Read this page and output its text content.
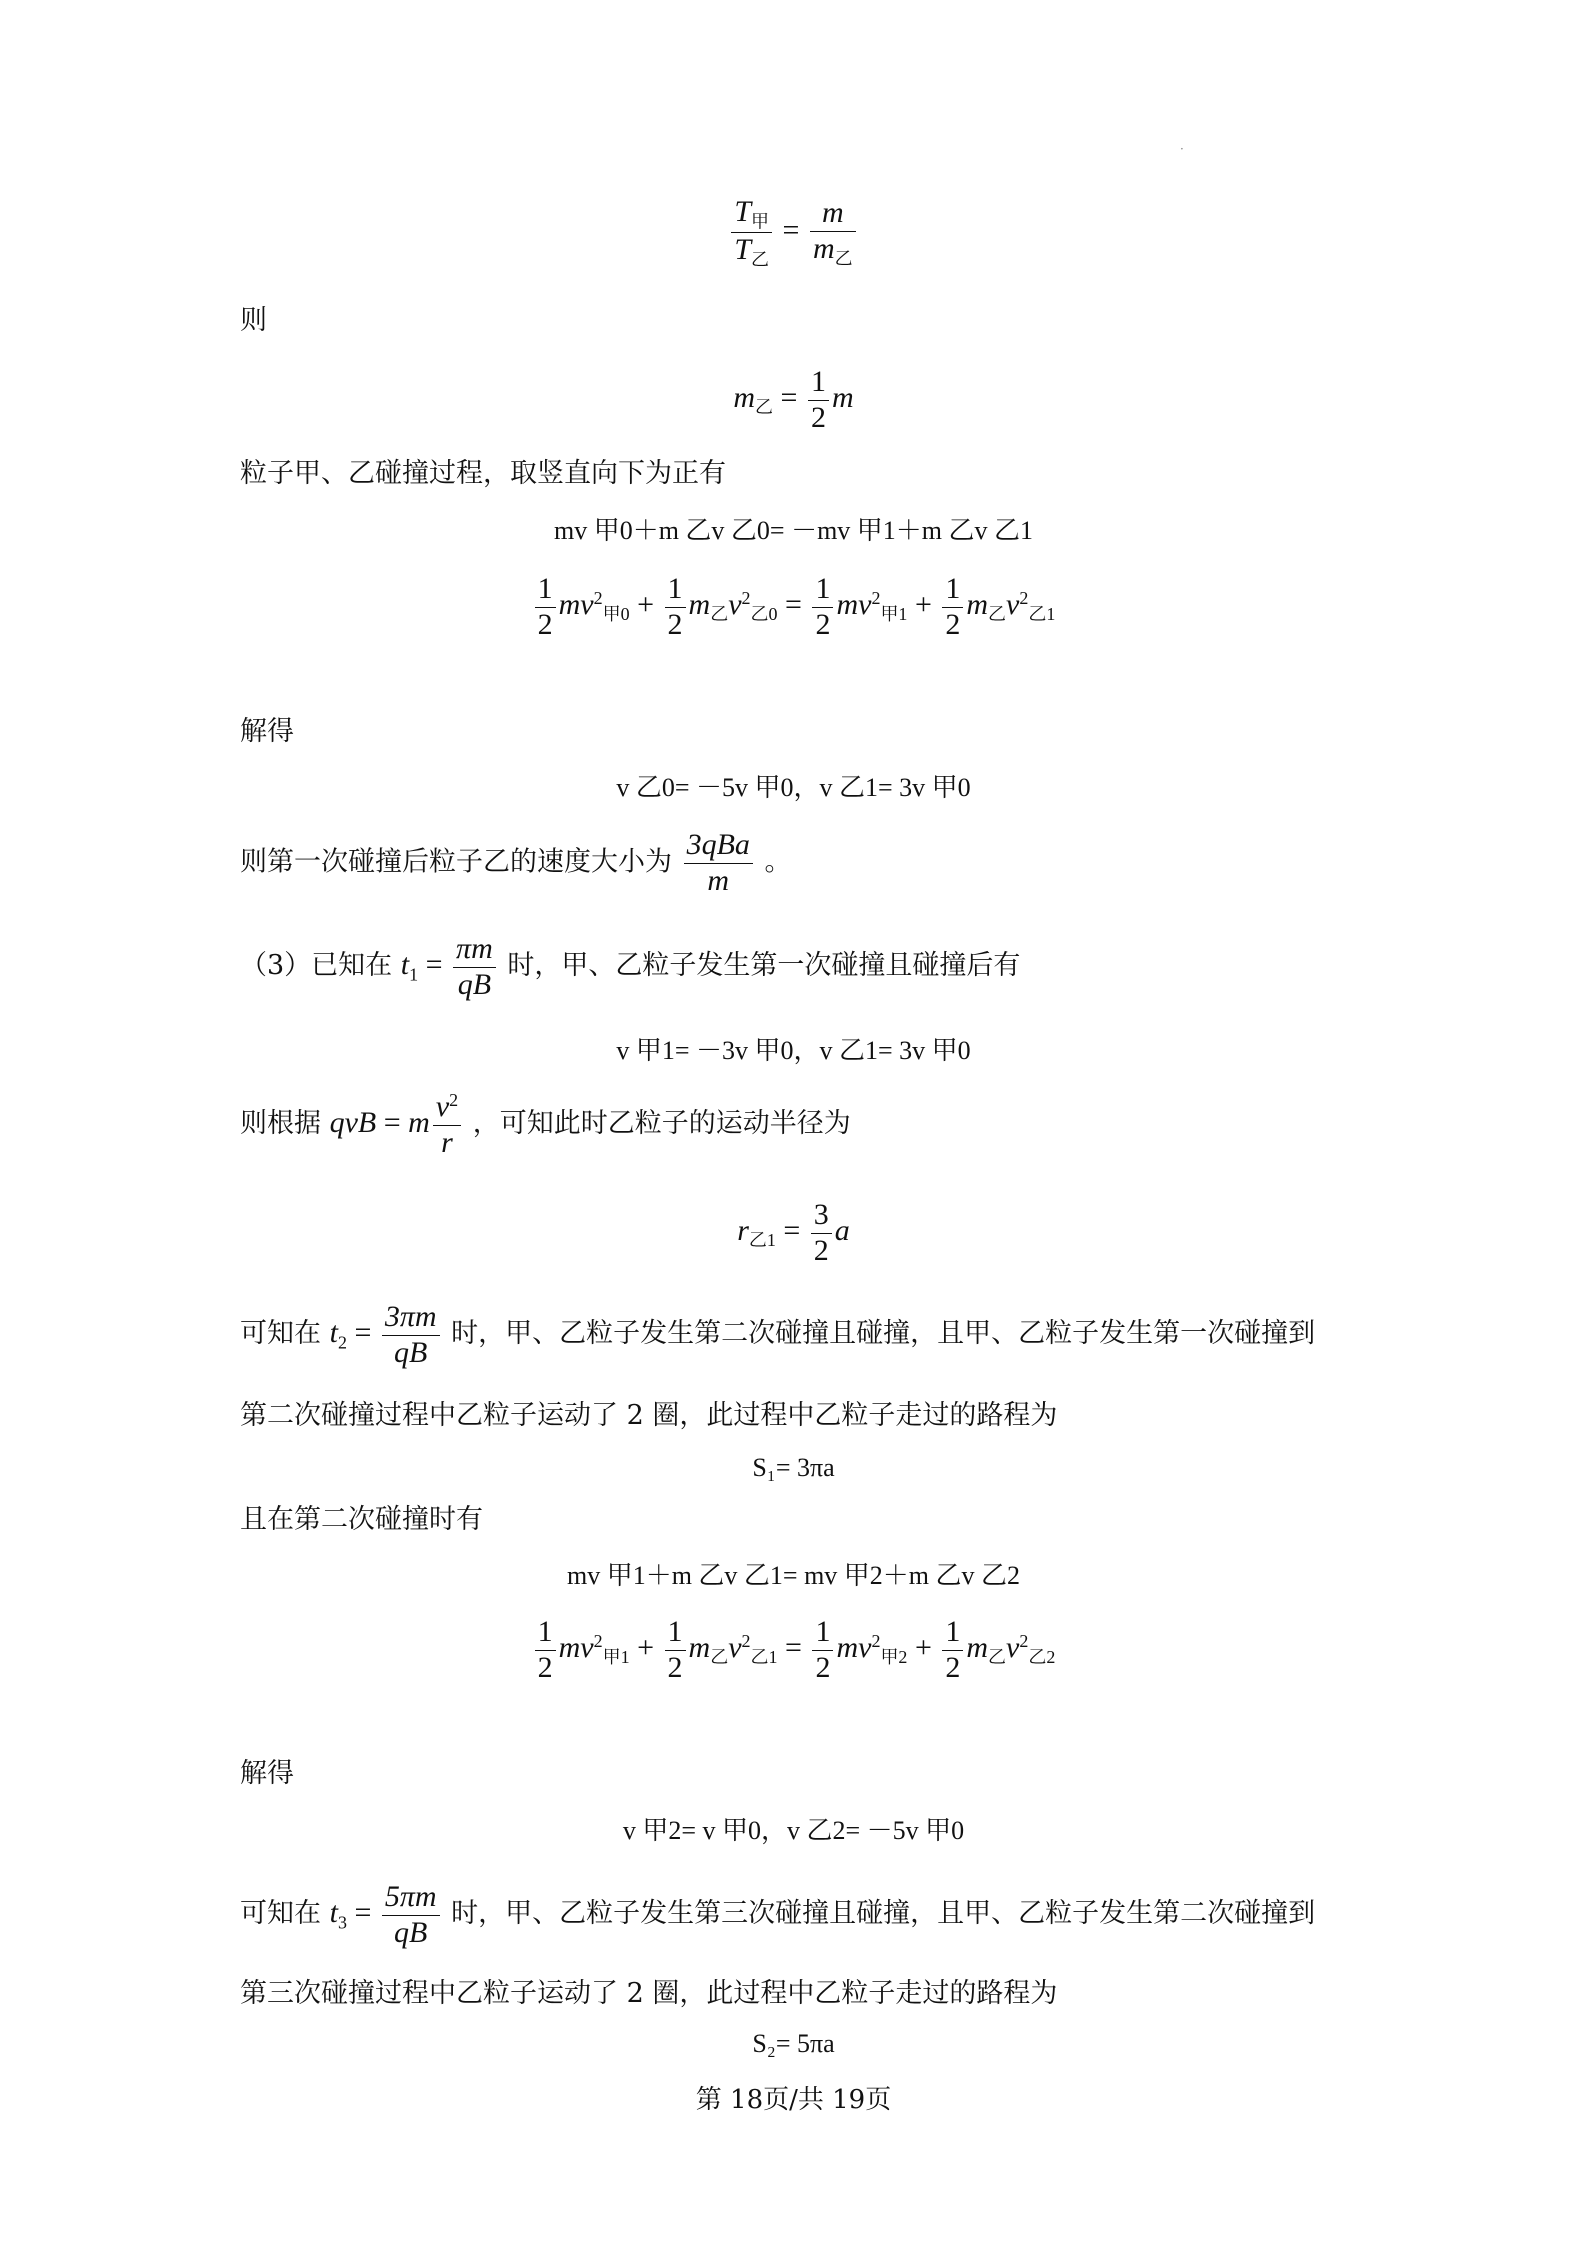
·
$\frac{T_甲}{T_乙} = \frac{m}{m_乙}$
则
$m_乙 = \frac{1}{2}$ m
粒子甲、乙碰撞过程，取竖直向下为正有
mv 甲0＋m 乙v 乙0= －mv 甲1＋m 乙v 乙1
$\frac{1}{2} mv^2_{甲0} + \frac{1}{2} m_乙v^2_{乙0} = \frac{1}{2} mv^2_{甲1} + \frac{1}{2} m_乙v^2_{乙1}$
解得
v 乙0= －5v 甲0，v 乙1= 3v 甲0
则第一次碰撞后粒子乙的速度大小为 $\frac{\text{3qBa}}{m}$ 。
（3）已知在 $t_1 = \frac{\pi m}{qB}$ 时，甲、乙粒子发生第一次碰撞且碰撞后有
v 甲1= －3v 甲0，v 乙1= 3v 甲0
则根据 qvB = m $\frac{v^2}{r}$ ，可知此时乙粒子的运动半径为
$r_{乙1} = \frac{3}{2}$ a
可知在 $t_2 = \frac{3\pi m}{qB}$ 时，甲、乙粒子发生第二次碰撞且碰撞，且甲、乙粒子发生第一次碰撞到
第二次碰撞过程中乙粒子运动了 2 圈，此过程中乙粒子走过的路程为
S₁= 3πa
且在第二次碰撞时有
mv 甲1＋m 乙v 乙1= mv 甲2＋m 乙v 乙2
$\frac{1}{2} mv^2_{甲1} + \frac{1}{2} m_乙v^2_{乙1} = \frac{1}{2} mv^2_{甲2} + \frac{1}{2} m_乙v^2_{乙2}$
解得
v 甲2= v 甲0，v 乙2= －5v 甲0
可知在 $t_3 = \frac{5\pi m}{qB}$ 时，甲、乙粒子发生第三次碰撞且碰撞，且甲、乙粒子发生第二次碰撞到
第三次碰撞过程中乙粒子运动了 2 圈，此过程中乙粒子走过的路程为
S₂= 5πa
第 18页/共 19页
